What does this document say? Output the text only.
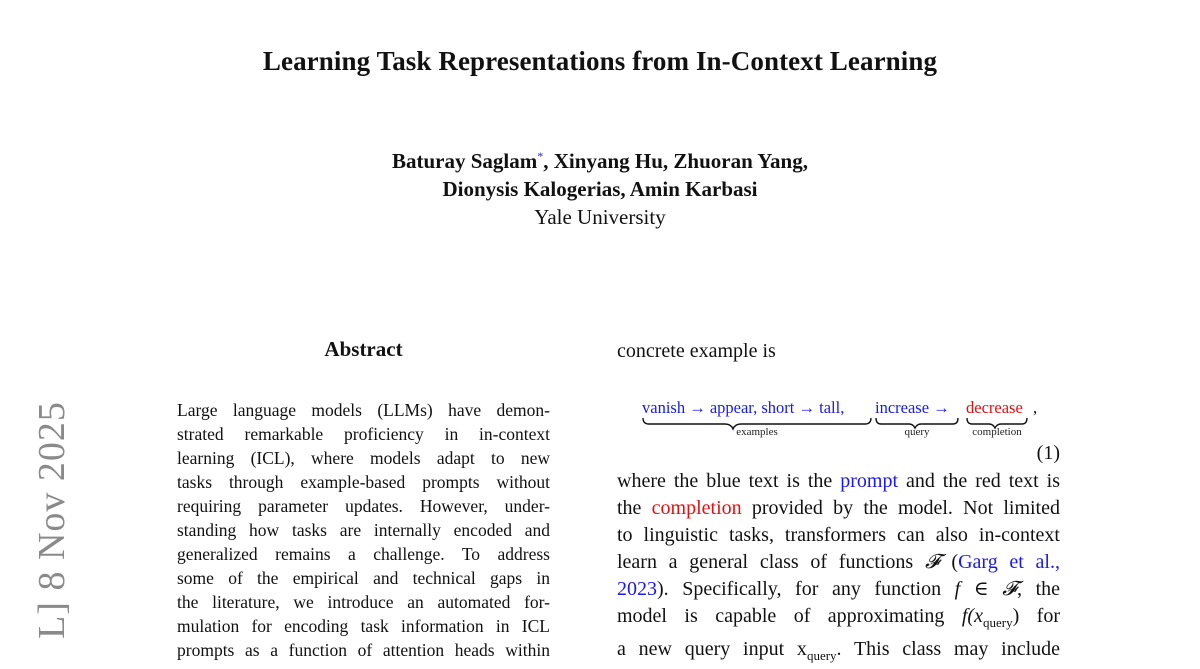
Learning Task Representations from In-Context Learning
Baturay Saglam*, Xinyang Hu, Zhuoran Yang,
Dionysis Kalogerias, Amin Karbasi
Yale University
L] 8 Nov 2025
Abstract
Large language models (LLMs) have demon-
strated remarkable proficiency in in-context
learning (ICL), where models adapt to new
tasks through example-based prompts without
requiring parameter updates. However, under-
standing how tasks are internally encoded and
generalized remains a challenge. To address
some of the empirical and technical gaps in
the literature, we introduce an automated for-
mulation for encoding task information in ICL
prompts as a function of attention heads within
concrete example is
vanish → appear, short → tall, increase → decrease ,
examples	query	completion
(1)
where the blue text is the prompt and the red text is
the completion provided by the model. Not limited
to linguistic tasks, transformers can also in-context
learn a general class of functions 𝓕 (Garg et al.,
2023). Specifically, for any function f ∈ 𝓕, the
model is capable of approximating $f(x_{query})$ for
a new query input $x_{query}$. This class may include
